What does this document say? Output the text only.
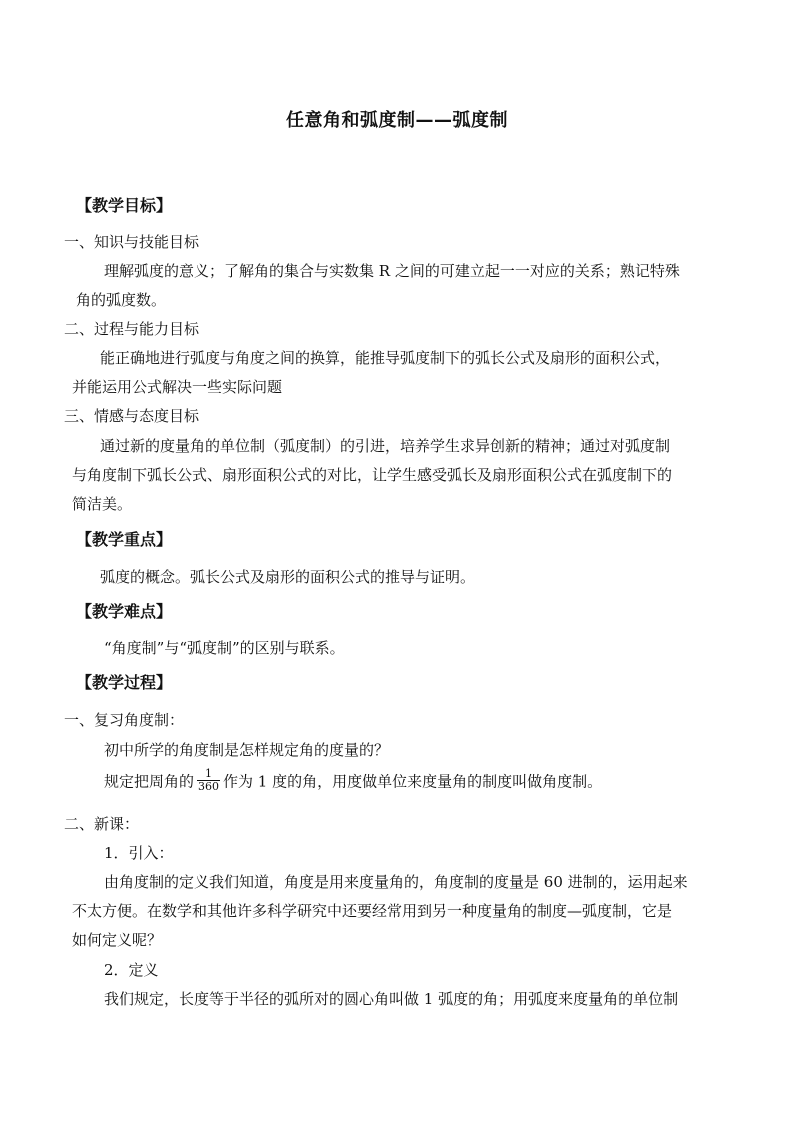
任意角和弧度制——弧度制
【教学目标】
一、知识与技能目标
理解弧度的意义；了解角的集合与实数集 R 之间的可建立起一一对应的关系；熟记特殊
角的弧度数。
二、过程与能力目标
能正确地进行弧度与角度之间的换算，能推导弧度制下的弧长公式及扇形的面积公式，
并能运用公式解决一些实际问题
三、情感与态度目标
通过新的度量角的单位制（弧度制）的引进，培养学生求异创新的精神；通过对弧度制
与角度制下弧长公式、扇形面积公式的对比，让学生感受弧长及扇形面积公式在弧度制下的
简洁美。
【教学重点】
弧度的概念。弧长公式及扇形的面积公式的推导与证明。
【教学难点】
“角度制”与“弧度制”的区别与联系。
【教学过程】
一、复习角度制：
初中所学的角度制是怎样规定角的度量的？
规定把周角的 $\frac{1}{360}$ 作为 1 度的角，用度做单位来度量角的制度叫做角度制。
二、新课：
1．引入：
由角度制的定义我们知道，角度是用来度量角的，角度制的度量是 60 进制的，运用起来
不太方便。在数学和其他许多科学研究中还要经常用到另一种度量角的制度—弧度制，它是
如何定义呢？
2．定义
我们规定，长度等于半径的弧所对的圆心角叫做 1 弧度的角；用弧度来度量角的单位制
